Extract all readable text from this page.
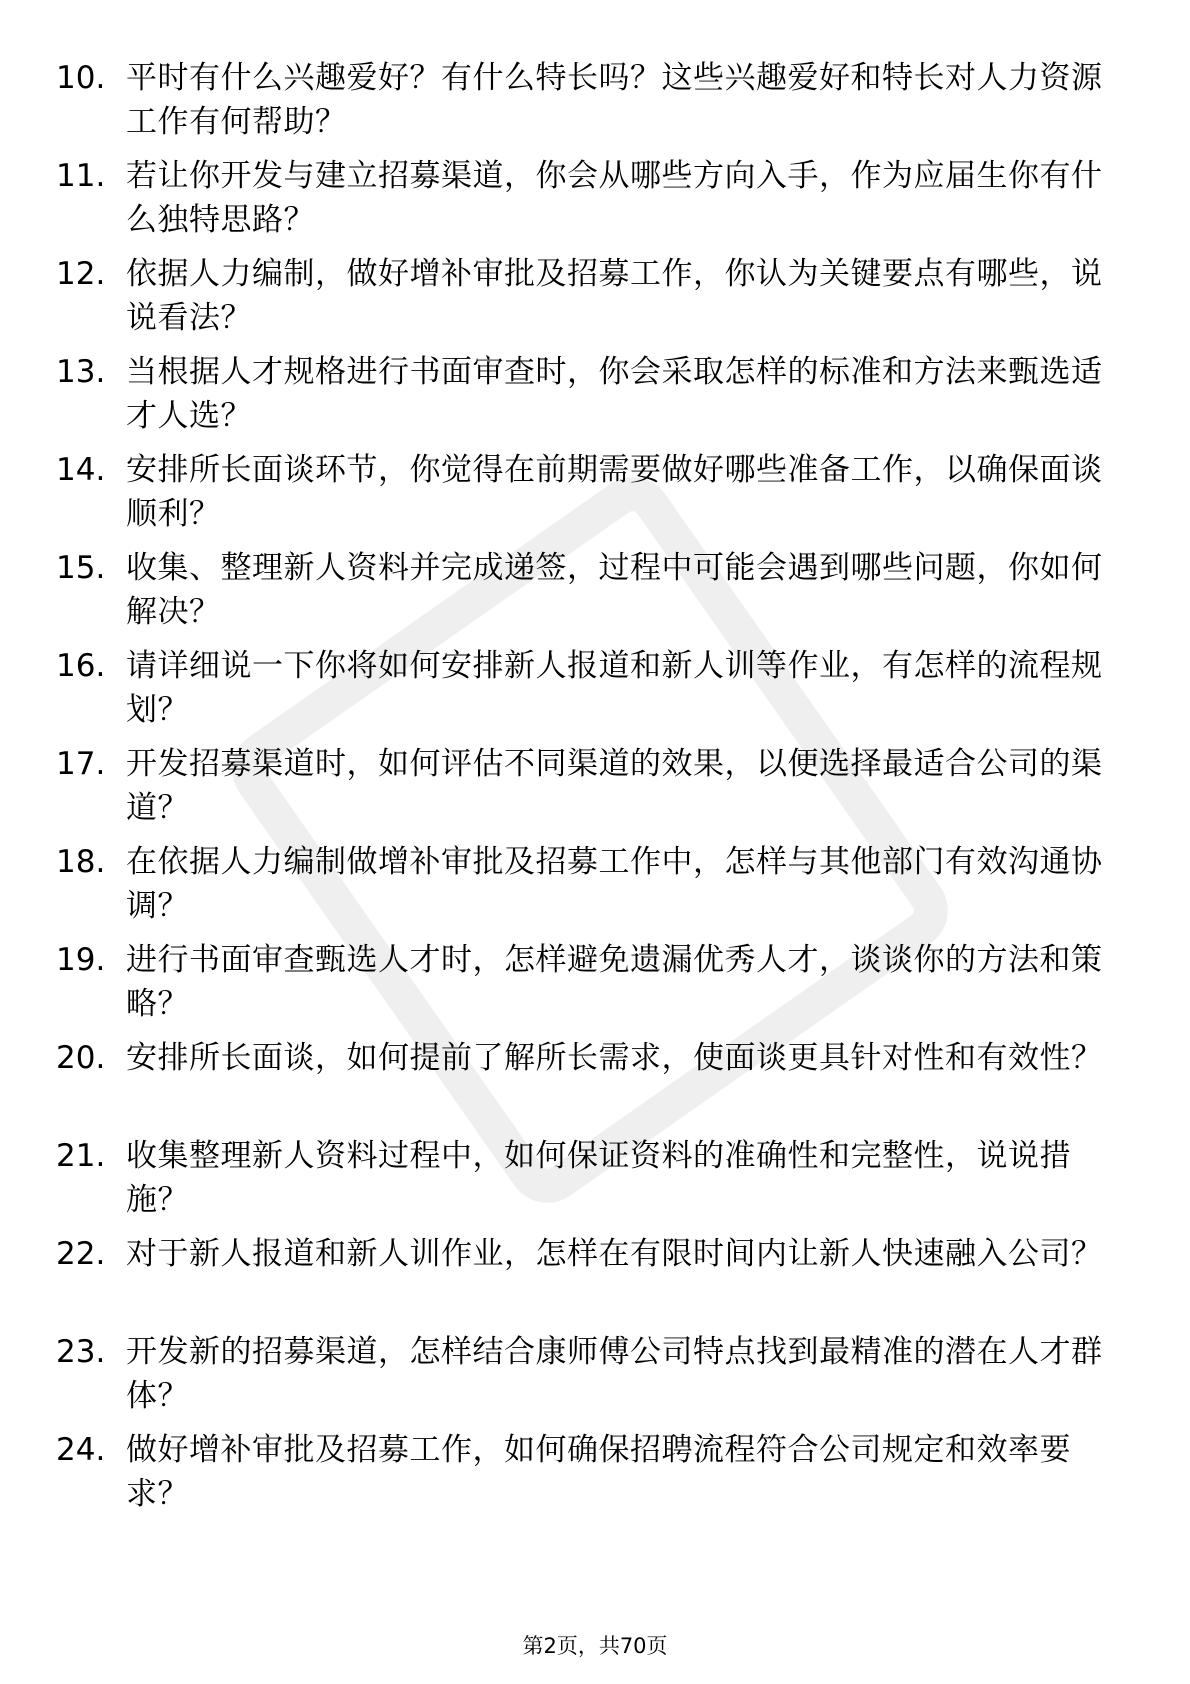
10. 平时有什么兴趣爱好？有什么特长吗？这些兴趣爱好和特长对人力资源工作有何帮助？
11. 若让你开发与建立招募渠道，你会从哪些方向入手，作为应届生你有什么独特思路？
12. 依据人力编制，做好增补审批及招募工作，你认为关键要点有哪些，说说看法？
13. 当根据人才规格进行书面审查时，你会采取怎样的标准和方法来甄选适才人选？
14. 安排所长面谈环节，你觉得在前期需要做好哪些准备工作，以确保面谈顺利？
15. 收集、整理新人资料并完成递签，过程中可能会遇到哪些问题，你如何解决？
16. 请详细说一下你将如何安排新人报道和新人训等作业，有怎样的流程规划？
17. 开发招募渠道时，如何评估不同渠道的效果，以便选择最适合公司的渠道？
18. 在依据人力编制做增补审批及招募工作中，怎样与其他部门有效沟通协调？
19. 进行书面审查甄选人才时，怎样避免遗漏优秀人才，谈谈你的方法和策略？
20. 安排所长面谈，如何提前了解所长需求，使面谈更具针对性和有效性？
21. 收集整理新人资料过程中，如何保证资料的准确性和完整性，说说措施？
22. 对于新人报道和新人训作业，怎样在有限时间内让新人快速融入公司？
23. 开发新的招募渠道，怎样结合康师傅公司特点找到最精准的潜在人才群体？
24. 做好增补审批及招募工作，如何确保招聘流程符合公司规定和效率要求？
第2页，共70页
